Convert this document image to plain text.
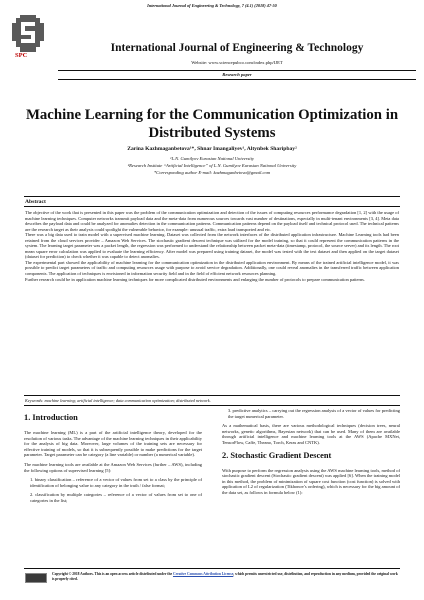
International Journal of Engineering & Technology, 7 (4.1) (2018) 47-50
SPC
International Journal of Engineering & Technology
Website: www.sciencepubco.com/index.php/IJET
Research paper
Machine Learning for the Communication Optimization in
Distributed Systems
Zarina Kazhmaganbetova¹*, Shnar Imangaliyev¹, Altynbek Sharipbay²
¹L.N. Gumilyov Eurasian National University
²Research Institute “Artificial Intelligence” of L.N. Gumilyov Eurasian National University
*Corresponding author E-mail: kazhmaganbetova@gmail.com
Abstract

The objective of the work that is presented in this paper was the problem of the communication optimization and detection of the issues of computing resources performance degradation [1, 2] with the usage of machine learning techniques. Computer networks transmit payload data and the meta-data from numerous sources towards vast number of destinations, especially in multi-tenant environments [3, 4]. Meta data describes the payload data and could be analyzed for anomalies detection in the communication patterns. Communication patterns depend on the payload itself and technical protocol used. The technical patterns are the research target as their analysis could spotlight the vulnerable behavior, for example: unusual traffic, extra load transported and etc.

There was a big data used to train model with a supervised machine learning. Dataset was collected from the network interfaces of the distributed application infrastructure. Machine Learning tools had been retained from the cloud services provider – Amazon Web Services. The stochastic gradient descent technique was utilized for the model training, so that it could represent the communication patterns in the system. The learning target parameter was a packet length, the regression was performed to understand the relationship between packet meta-data (timestamp, protocol, the source server) and its length. The root mean square error calculation was applied to evaluate the learning efficiency. After model was prepared using training dataset, the model was tested with the test dataset and then applied on the target dataset (dataset for prediction) to check whether it was capable to detect anomalies.

The experimental part showed the applicability of machine learning for the communication optimization in the distributed application environment. By means of the trained artificial intelligence model, it was possible to predict target parameters of traffic and computing resources usage with purpose to avoid service degradation. Additionally, one could reveal anomalies in the transferred traffic between application components. The application of techniques is envisioned in information security field and in the field of efficient network resources planning.

Further research could be in application machine learning techniques for more complicated distributed environments and enlarging the number of protocols to prepare communication patterns.

Keywords: machine learning; artificial intelligence; data communication optimization; distributed network.
1. Introduction

The machine learning (ML) is a part of the artificial intelligence theory, developed for the resolution of various tasks. The advantage of the machine learning techniques in their applicability for the analysis of big data. Moreover, large volumes of the training sets are necessary for effective training of models, so that it is subsequently possible to make predictions for the target parameter. Target parameter can be category (a line variable) or number (a numerical variable).

The machine learning tools are available at the Amazon Web Services (further – AWS), including the following options of supervised learning [5]:

1. binary classification – reference of a vector of values from set to a class by the principle of identification of belonging value to any category in the truth / false format;
2. classification by multiple categories – reference of a vector of values from set to one of categories in the list;
3. predictive analytics – carrying out the regression analysis of a vector of values for predicting the target numerical parameter.

As a mathematical basis, there are various methodological techniques (decision trees, neural networks, genetic algorithms, Bayesian network) that can be used. Many of them are available through artificial intelligence and machine learning tools at the AWS (Apache MXNet, TensorFlow, Caffe, Theano, Torch, Keras and CNTK).

2. Stochastic Gradient Descent

With purpose to perform the regression analysis using the AWS machine learning tools, method of stochastic gradient descent (Stochastic gradient descent) was applied [6]. When the training model in this method, the problem of minimization of square cost function (cost function) is solved with application of L2 of regularization (Tikhonov's ordering), which is necessary for the big amount of the data set, as follows in formula below (1):

Copyright © 2018 Authors. This is an open access article distributed under the Creative Commons Attribution License, which permits unrestricted use, distribution, and reproduction in any medium, provided the original work is properly cited.
